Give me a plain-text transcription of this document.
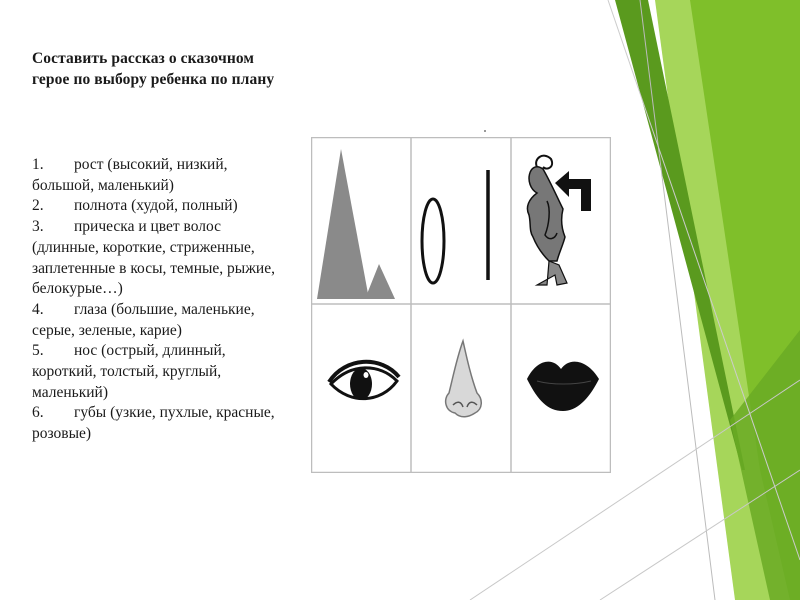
Составить рассказ о сказочном герое по выбору ребенка по плану
1. рост (высокий, низкий, большой, маленький)
2. полнота (худой, полный)
3. прическа и цвет волос (длинные, короткие, стриженные, заплетенные в косы, темные, рыжие, белокурые…)
4. глаза (большие, маленькие, серые, зеленые, карие)
5. нос (острый, длинный, короткий, толстый, круглый, маленький)
6. губы (узкие, пухлые, красные, розовые)
